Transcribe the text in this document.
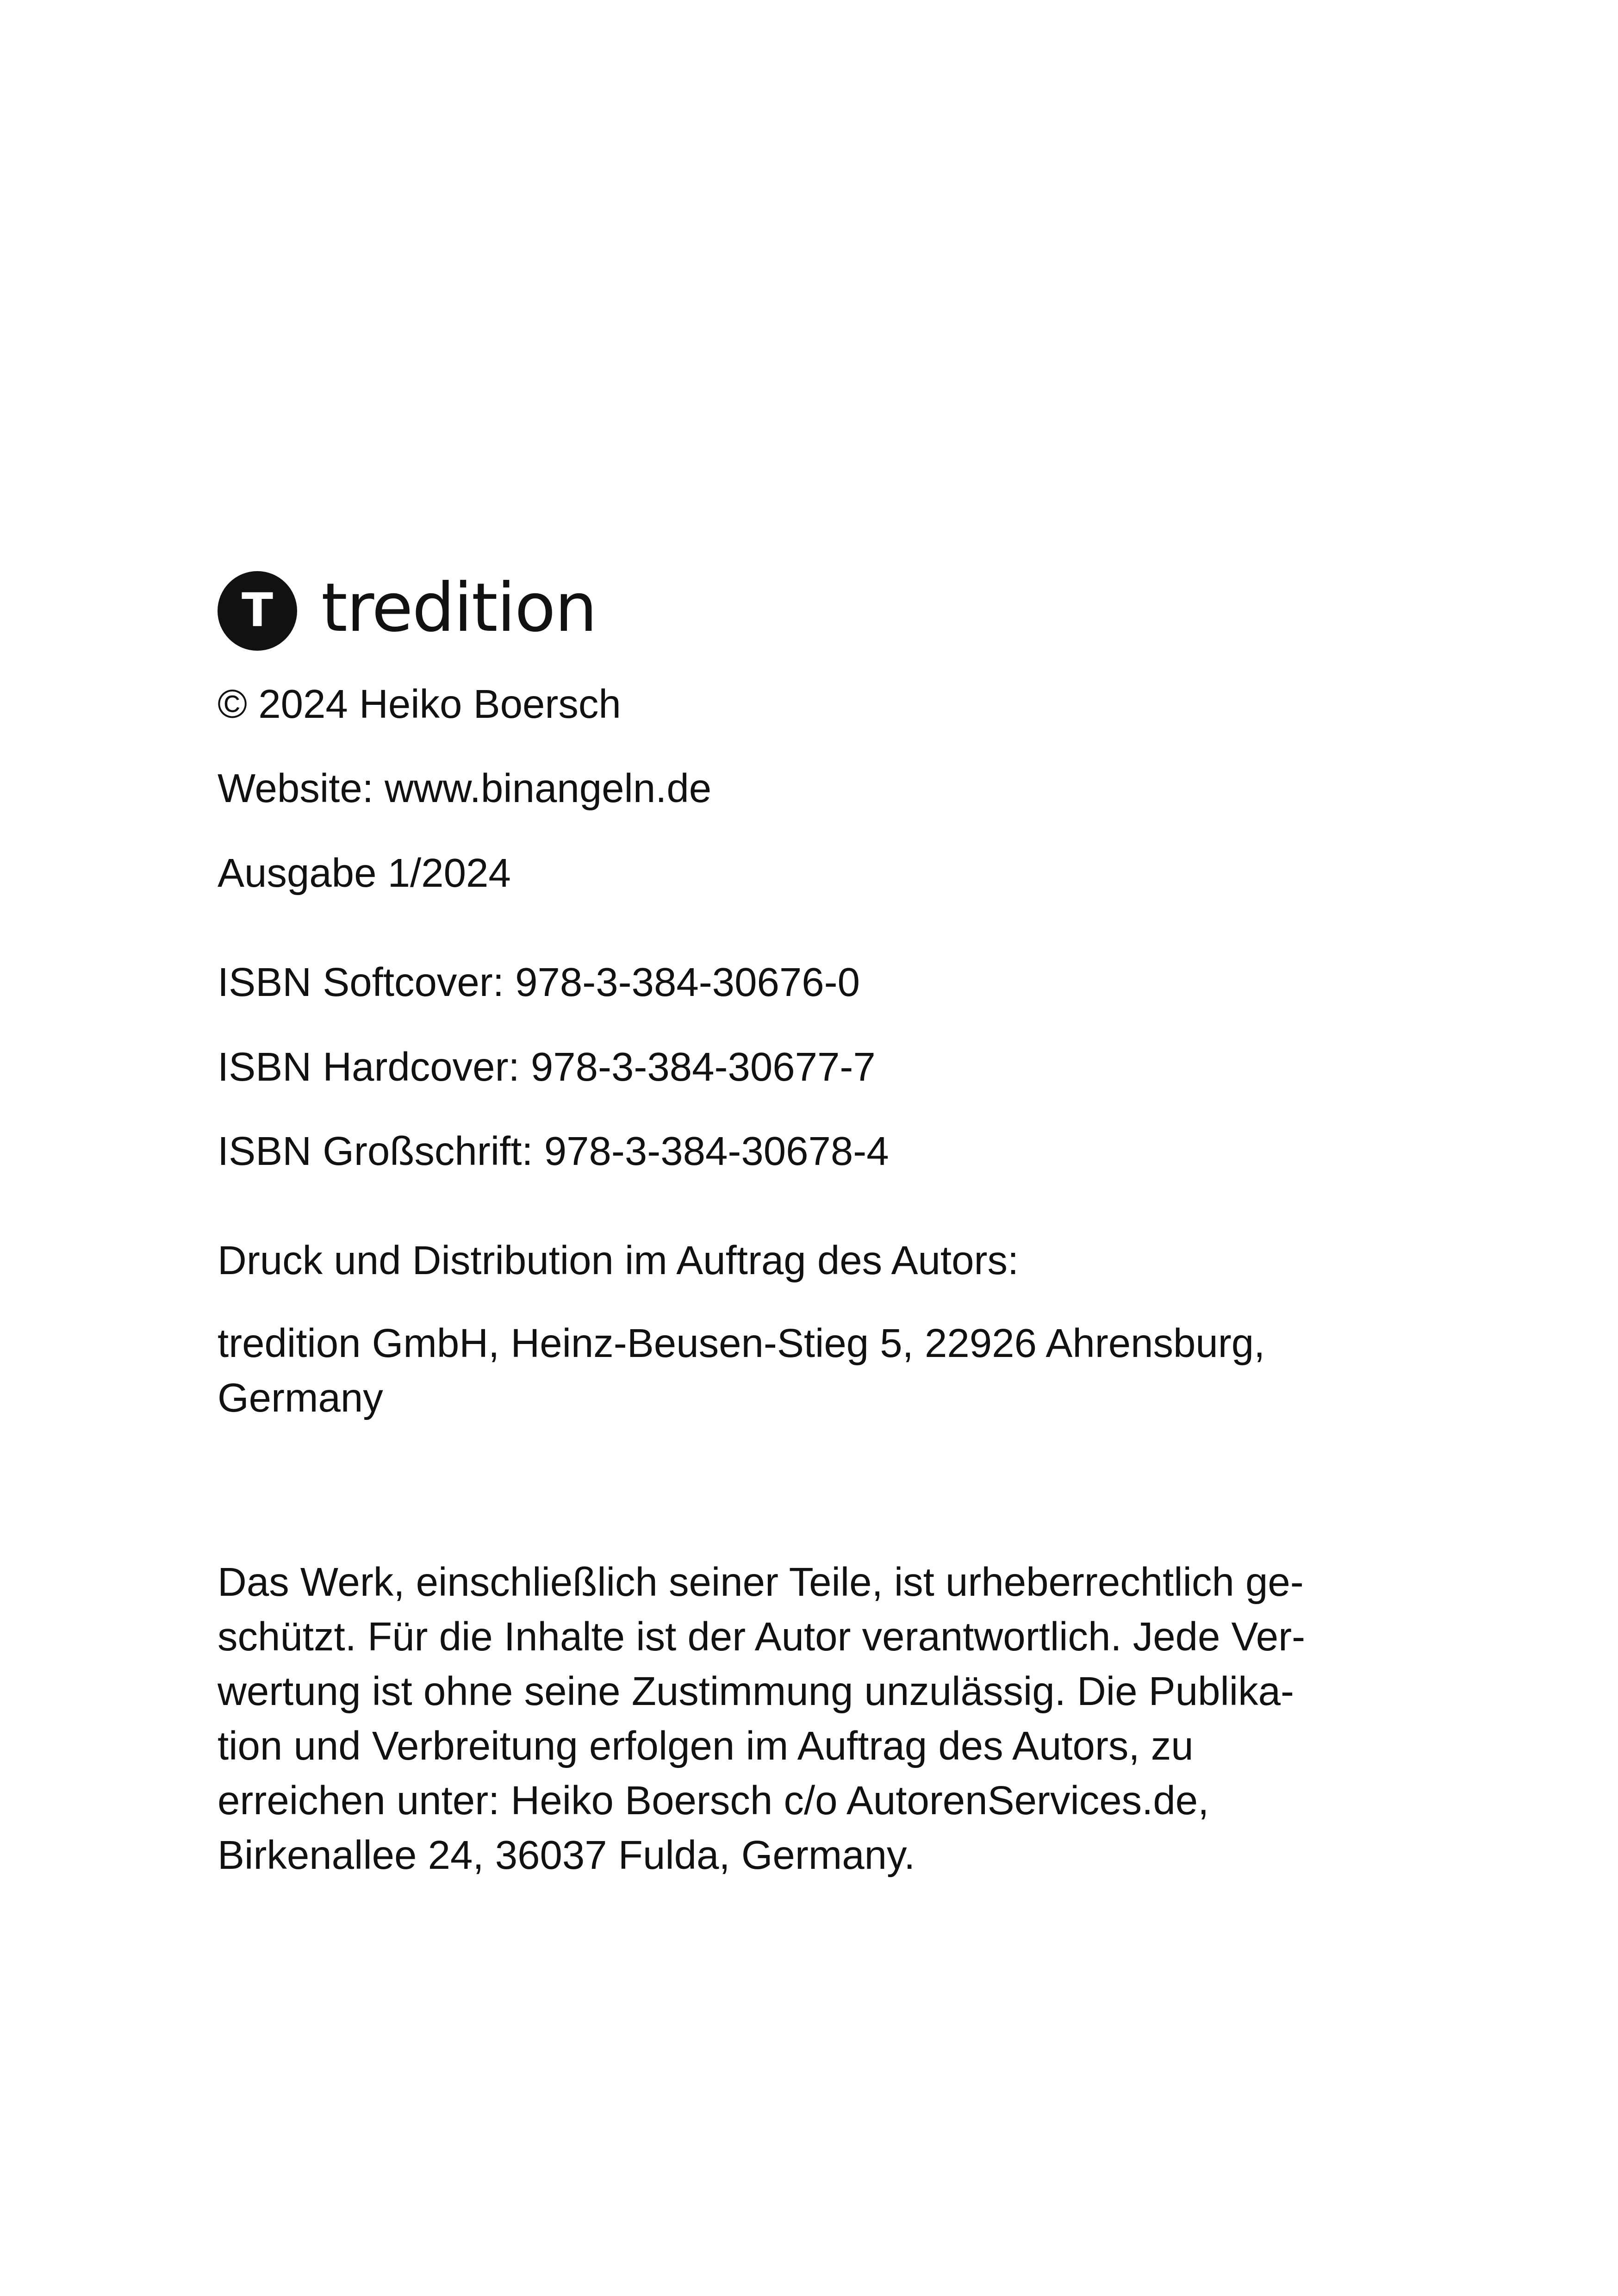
T tredition
© 2024 Heiko Boersch
Website: www.binangeln.de
Ausgabe 1/2024
ISBN Softcover: 978-3-384-30676-0
ISBN Hardcover: 978-3-384-30677-7
ISBN Großschrift: 978-3-384-30678-4
Druck und Distribution im Auftrag des Autors:
tredition GmbH, Heinz-Beusen-Stieg 5, 22926 Ahrensburg,
Germany
Das Werk, einschließlich seiner Teile, ist urheberrechtlich ge-
schützt. Für die Inhalte ist der Autor verantwortlich. Jede Ver-
wertung ist ohne seine Zustimmung unzulässig. Die Publika-
tion und Verbreitung erfolgen im Auftrag des Autors, zu
erreichen unter: Heiko Boersch c/o AutorenServices.de,
Birkenallee 24, 36037 Fulda, Germany.
